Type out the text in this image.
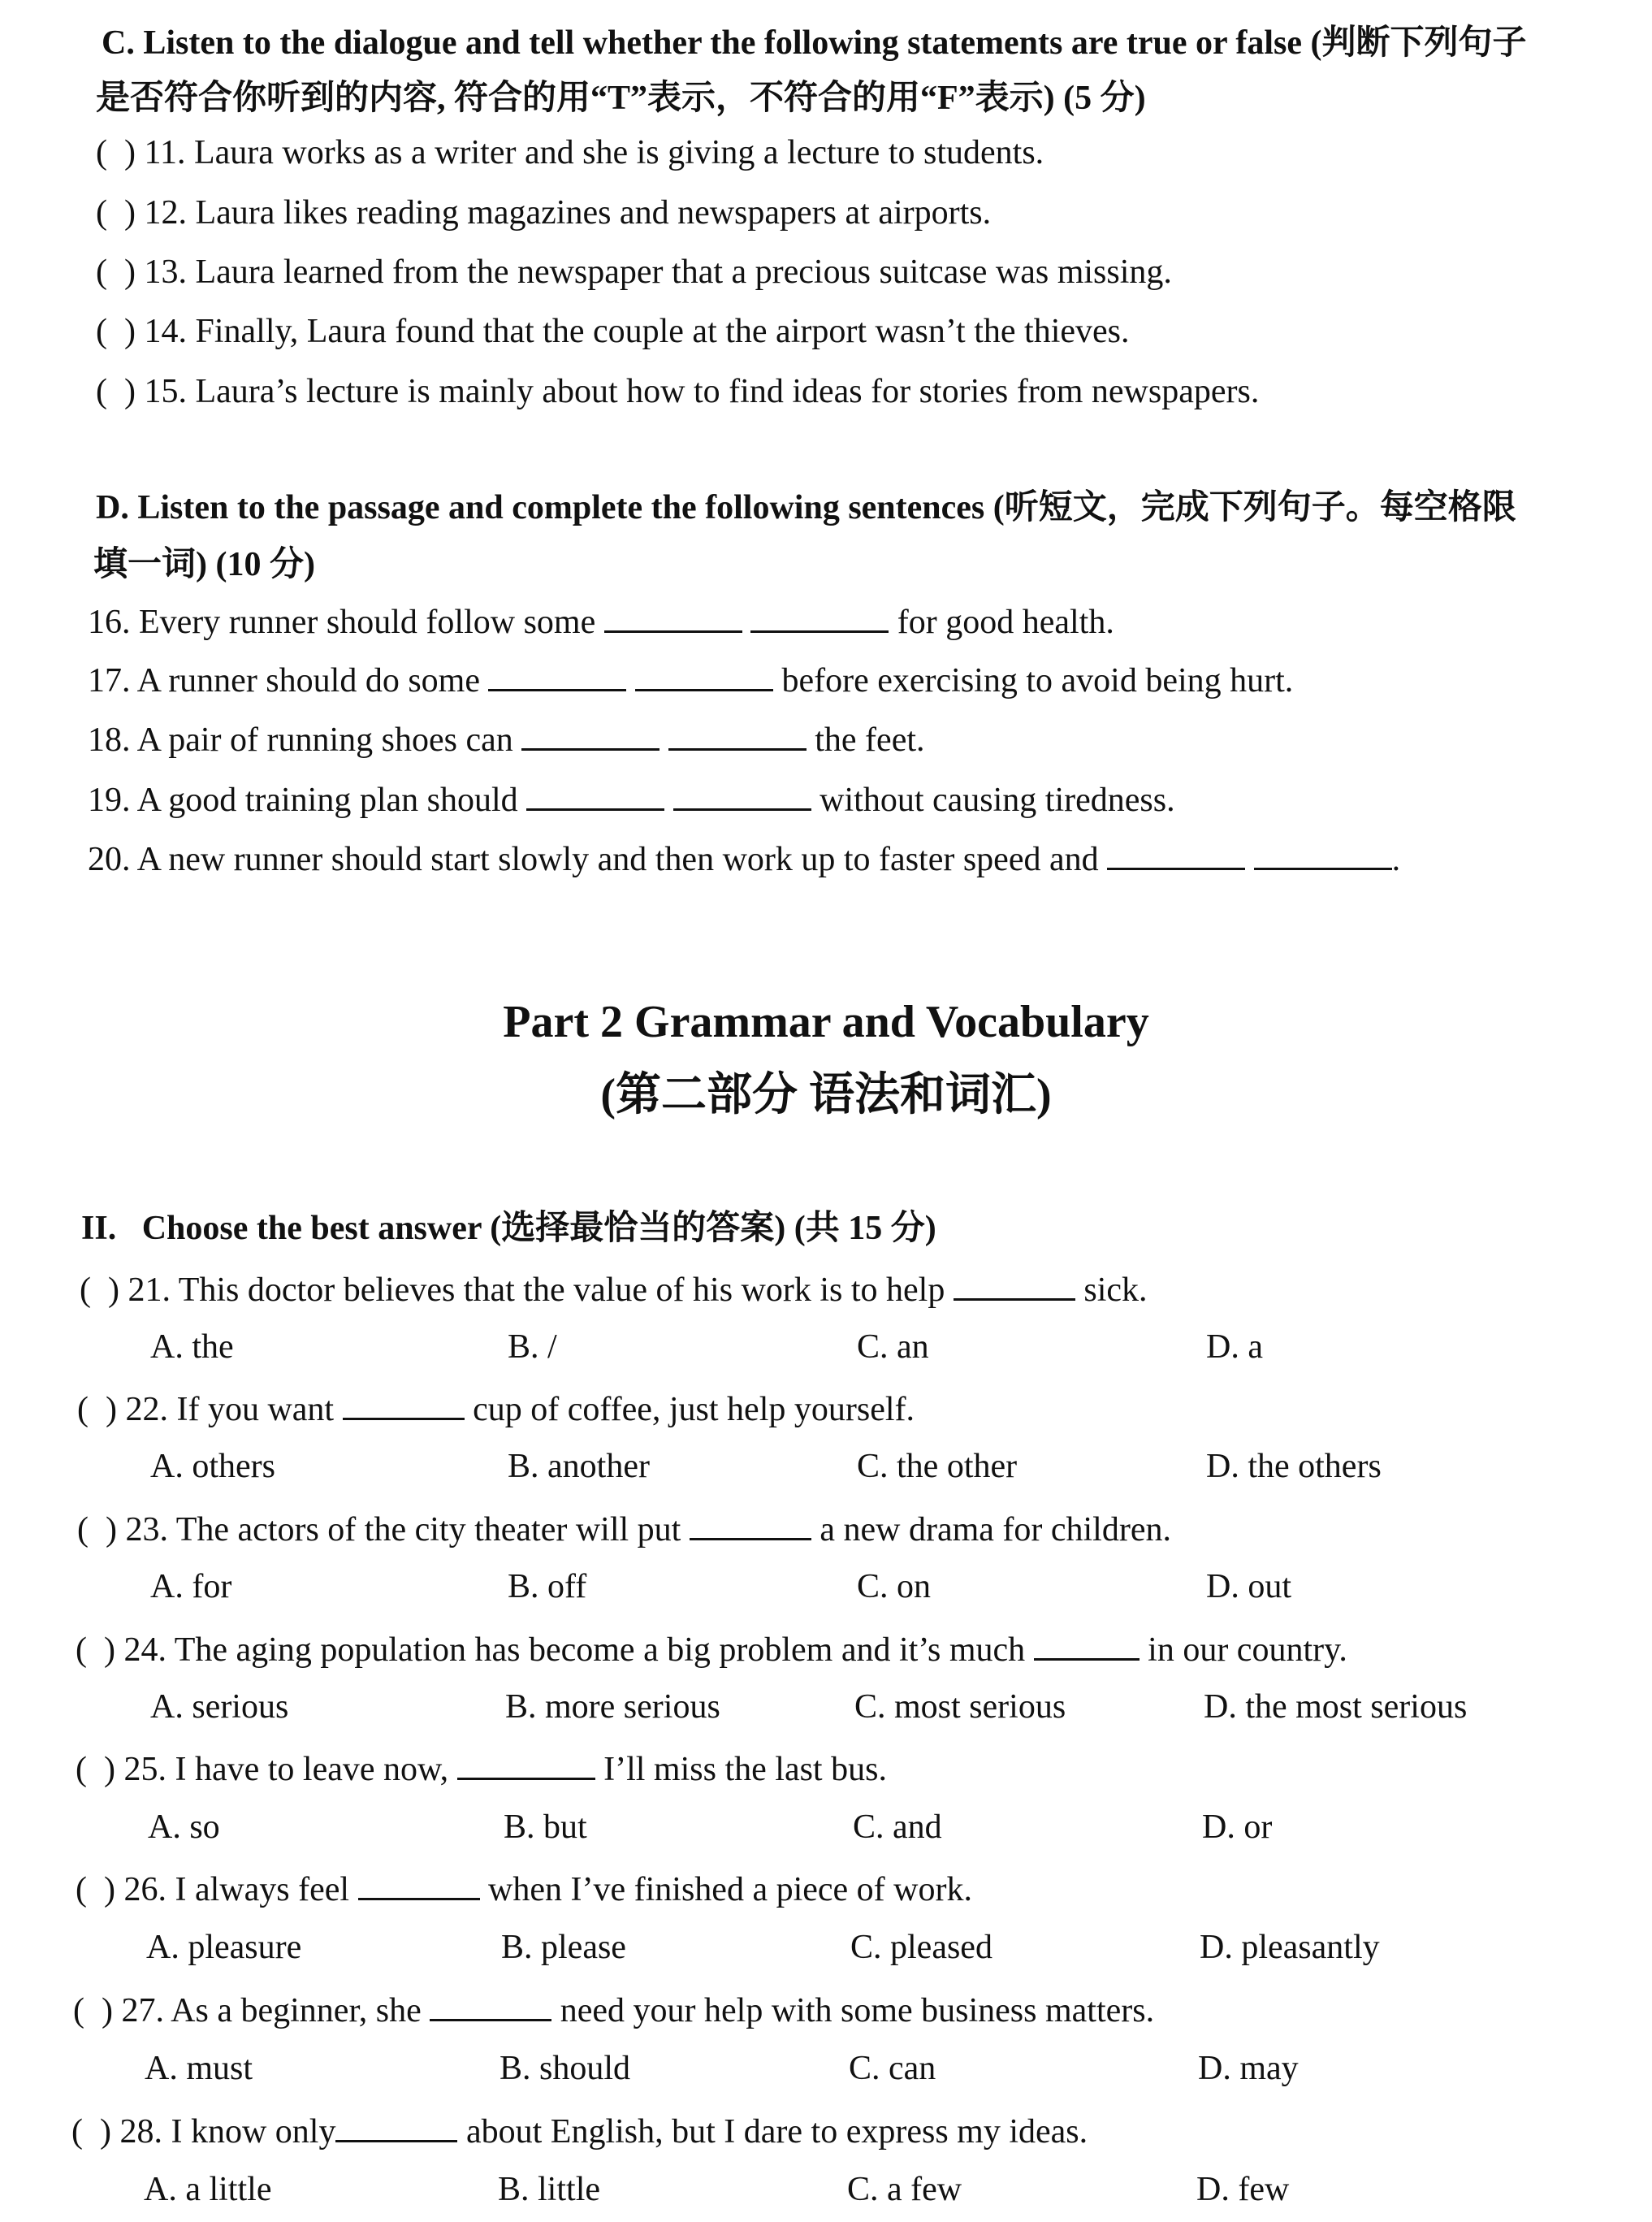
C. Listen to the dialogue and tell whether the following statements are true or false (判断下列句子
是否符合你听到的内容, 符合的用“T”表示，不符合的用“F”表示) (5 分)
( ) 11. Laura works as a writer and she is giving a lecture to students.
( ) 12. Laura likes reading magazines and newspapers at airports.
( ) 13. Laura learned from the newspaper that a precious suitcase was missing.
( ) 14. Finally, Laura found that the couple at the airport wasn’t the thieves.
( ) 15. Laura’s lecture is mainly about how to find ideas for stories from newspapers.
D. Listen to the passage and complete the following sentences (听短文，完成下列句子。每空格限
填一词) (10 分)
16. Every runner should follow some	for good health.
17. A runner should do some	before exercising to avoid being hurt.
18. A pair of running shoes can	the feet.
19. A good training plan should	without causing tiredness.
20. A new runner should start slowly and then work up to faster speed and	.
Part 2 Grammar and Vocabulary
(第二部分 语法和词汇)
II. Choose the best answer (选择最恰当的答案) (共 15 分)
( ) 21. This doctor believes that the value of his work is to help	sick.
A. the	B. /	C. an	D. a
( ) 22. If you want	cup of coffee, just help yourself.
A. others	B. another	C. the other	D. the others
( ) 23. The actors of the city theater will put	a new drama for children.
A. for	B. off	C. on	D. out
( ) 24. The aging population has become a big problem and it’s much	in our country.
A. serious	B. more serious	C. most serious	D. the most serious
( ) 25. I have to leave now,	I’ll miss the last bus.
A. so	B. but	C. and	D. or
( ) 26. I always feel	when I’ve finished a piece of work.
A. pleasure	B. please	C. pleased	D. pleasantly
( ) 27. As a beginner, she	need your help with some business matters.
A. must	B. should	C. can	D. may
( ) 28. I know only	about English, but I dare to express my ideas.
A. a little	B. little	C. a few	D. few
